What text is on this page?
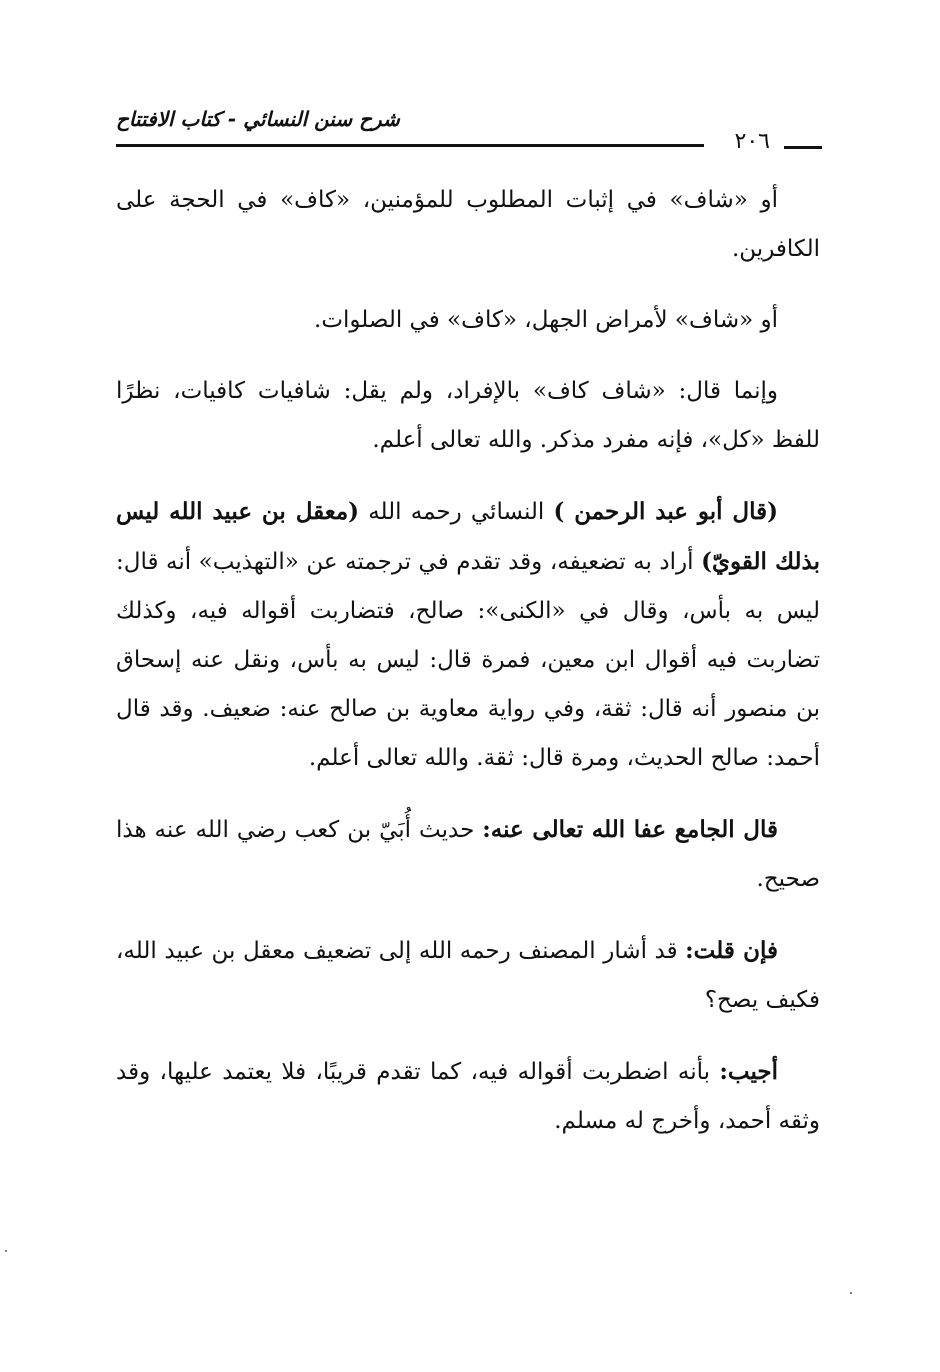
شرح سنن النسائي - كتاب الافتتاح
٢٠٦

أو «شاف» في إثبات المطلوب للمؤمنين، «كاف» في الحجة على الكافرين.

أو «شاف» لأمراض الجهل، «كاف» في الصلوات.

وإنما قال: «شاف كاف» بالإفراد، ولم يقل: شافيات كافيات، نظرًا للفظ «كل»، فإنه مفرد مذكر. والله تعالى أعلم.

(قال أبو عبد الرحمن ) النسائي رحمه الله (معقل بن عبيد الله ليس بذلك القويّ) أراد به تضعيفه، وقد تقدم في ترجمته عن «التهذيب» أنه قال: ليس به بأس، وقال في «الكنى»: صالح، فتضاربت أقواله فيه، وكذلك تضاربت فيه أقوال ابن معين، فمرة قال: ليس به بأس، ونقل عنه إسحاق بن منصور أنه قال: ثقة، وفي رواية معاوية بن صالح عنه: ضعيف. وقد قال أحمد: صالح الحديث، ومرة قال: ثقة. والله تعالى أعلم.

قال الجامع عفا الله تعالى عنه: حديث أُبَيّ بن كعب رضي الله عنه هذا صحيح.

فإن قلت: قد أشار المصنف رحمه الله إلى تضعيف معقل بن عبيد الله، فكيف يصح؟

أجيب: بأنه اضطربت أقواله فيه، كما تقدم قريبًا، فلا يعتمد عليها، وقد وثقه أحمد، وأخرج له مسلم.
